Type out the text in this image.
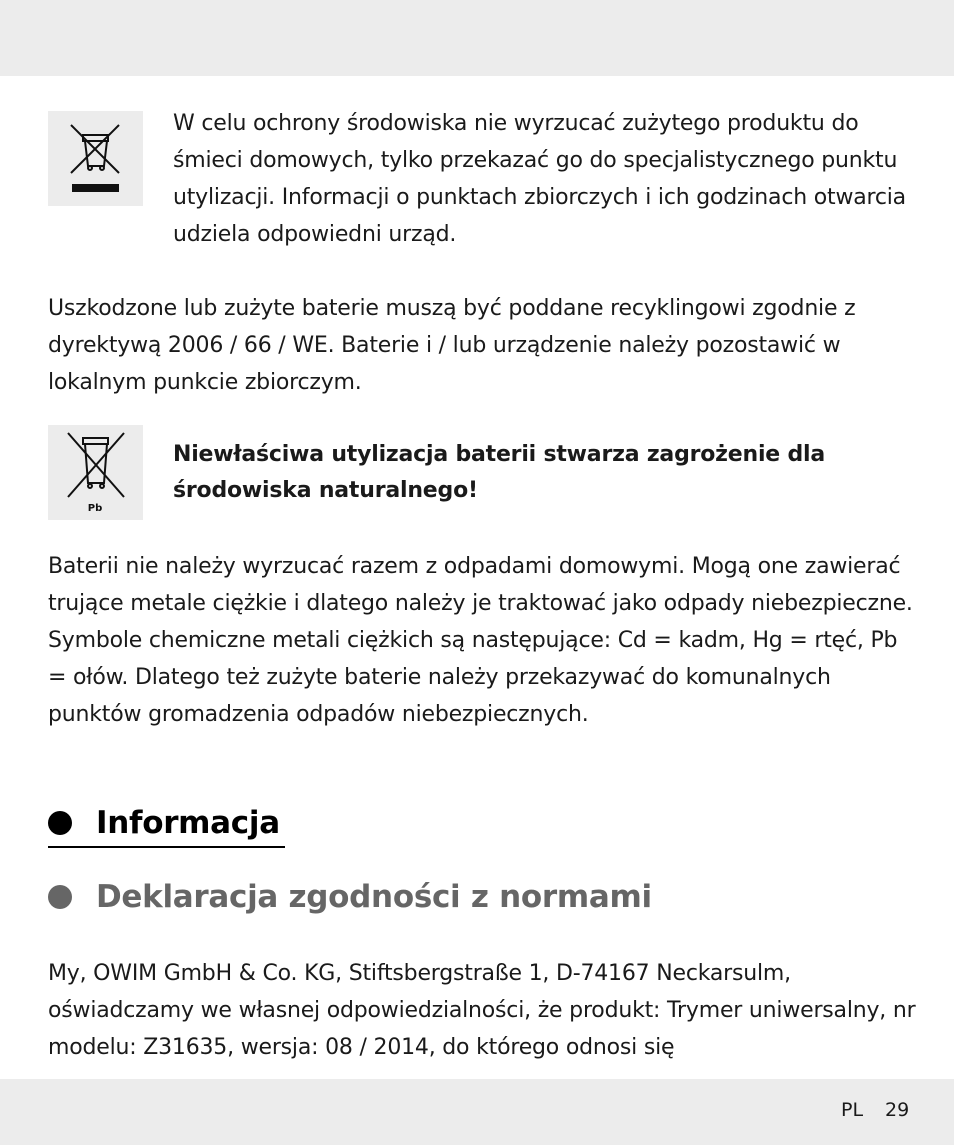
W celu ochrony środowiska nie wyrzucać zużytego produktu do śmieci domowych, tylko przekazać go do specjalistycznego punktu utylizacji. Informacji o punktach zbiorczych i ich godzinach otwarcia udziela odpowiedni urząd.
Uszkodzone lub zużyte baterie muszą być poddane recyklingowi zgodnie z dyrektywą 2006 / 66 / WE. Baterie i / lub urządzenie należy pozostawić w lokalnym punkcie zbiorczym.
Pb
Niewłaściwa utylizacja baterii stwarza zagrożenie dla środowiska naturalnego!
Baterii nie należy wyrzucać razem z odpadami domowymi. Mogą one zawierać trujące metale ciężkie i dlatego należy je traktować jako odpady niebezpieczne. Symbole chemiczne metali ciężkich są następujące: Cd = kadm, Hg = rtęć, Pb = ołów. Dlatego też zużyte baterie należy przekazywać do komunalnych punktów gromadzenia odpadów niebezpiecznych.
Informacja
Deklaracja zgodności z normami
My, OWIM GmbH & Co. KG, Stiftsbergstraße 1, D-74167 Neckarsulm, oświadczamy we własnej odpowiedzialności, że produkt: Trymer uniwersalny, nr modelu: Z31635, wersja: 08 / 2014, do którego odnosi się
PL 29
